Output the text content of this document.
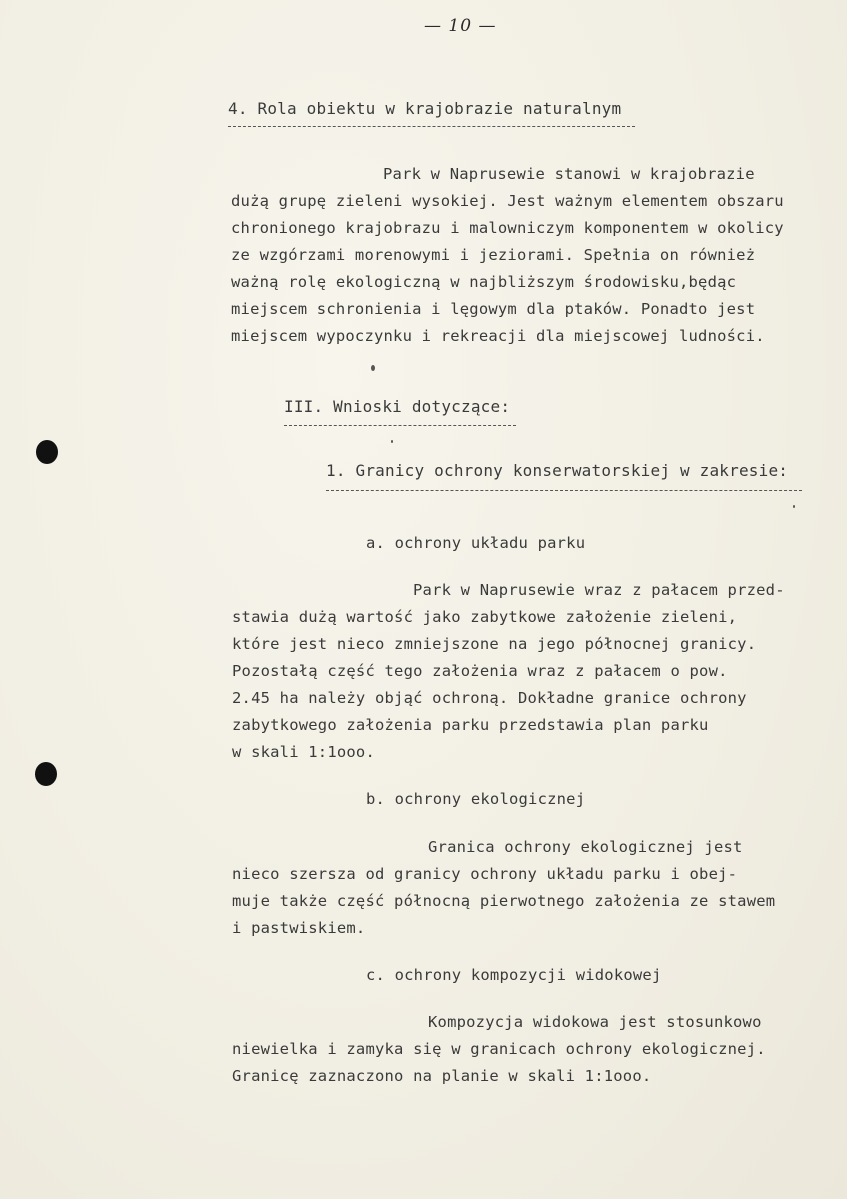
— 10 —
4. Rola obiektu w krajobrazie naturalnym
Park w Naprusewie stanowi w krajobrazie
dużą grupę zieleni wysokiej. Jest ważnym elementem obszaru
chronionego krajobrazu i malowniczym komponentem w okolicy
ze wzgórzami morenowymi i jeziorami. Spełnia on również
ważną rolę ekologiczną w najbliższym środowisku,będąc
miejscem schronienia i lęgowym dla ptaków. Ponadto jest
miejscem wypoczynku i rekreacji dla miejscowej ludności.
III. Wnioski dotyczące:
1. Granicy ochrony konserwatorskiej w zakresie:
a. ochrony układu parku
Park w Naprusewie wraz z pałacem przed-
stawia dużą wartość jako zabytkowe założenie zieleni,
które jest nieco zmniejszone na jego północnej granicy.
Pozostałą część tego założenia wraz z pałacem o pow.
2.45 ha należy objąć ochroną. Dokładne granice ochrony
zabytkowego założenia parku przedstawia plan parku
w skali 1:1ooo.
b. ochrony ekologicznej
Granica ochrony ekologicznej jest
nieco szersza od granicy ochrony układu parku i obej-
muje także część północną pierwotnego założenia ze stawem
i pastwiskiem.
c. ochrony kompozycji widokowej
Kompozycja widokowa jest stosunkowo
niewielka i zamyka się w granicach ochrony ekologicznej.
Granicę zaznaczono na planie w skali 1:1ooo.
